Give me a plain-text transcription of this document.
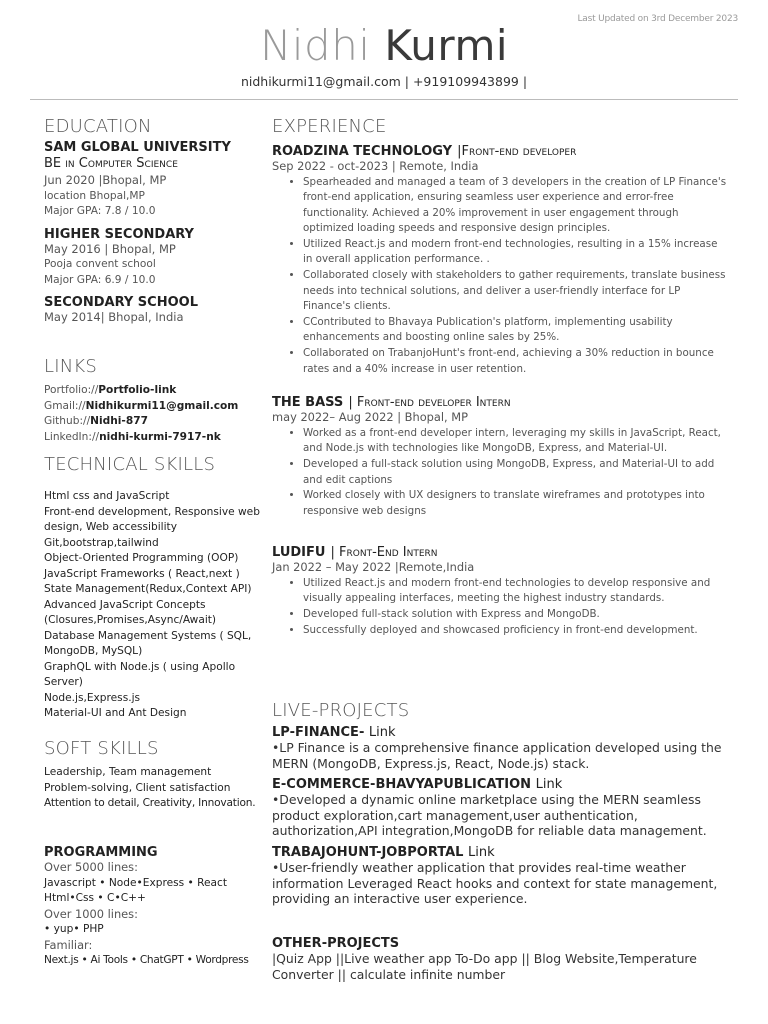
Last Updated on 3rd December 2023
Nidhi Kurmi
nidhikurmi11@gmail.com | +919109943899 |
EDUCATION
SAM GLOBAL UNIVERSITY
BE in Computer Science
Jun 2020 |Bhopal, MP
location Bhopal,MP
Major GPA: 7.8 / 10.0
HIGHER SECONDARY
May 2016 | Bhopal, MP
Pooja convent school
Major GPA: 6.9 / 10.0
SECONDARY SCHOOL
May 2014| Bhopal, India
LINKS
Portfolio://Portfolio-link
Gmail://Nidhikurmi11@gmail.com
Github://Nidhi-877
LinkedIn://nidhi-kurmi-7917-nk
TECHNICAL SKILLS
Html css and JavaScript
Front-end development, Responsive web
design, Web accessibility
Git,bootstrap,tailwind
Object-Oriented Programming (OOP)
JavaScript Frameworks ( React,next )
State Management(Redux,Context API)
Advanced JavaScript Concepts
(Closures,Promises,Async/Await)
Database Management Systems ( SQL,
MongoDB, MySQL)
GraphQL with Node.js ( using Apollo
Server)
Node.js,Express.js
Material-UI and Ant Design
SOFT SKILLS
Leadership, Team management
Problem-solving, Client satisfaction
Attention to detail, Creativity, Innovation.
PROGRAMMING
Over 5000 lines:
Javascript • Node•Express • React
Html•Css • C•C++
Over 1000 lines:
• yup• PHP
Familiar:
Next.js • Ai Tools • ChatGPT • Wordpress
EXPERIENCE
ROADZINA TECHNOLOGY |Front-end developer
Sep 2022 - oct-2023 | Remote, India
• Spearheaded and managed a team of 3 developers in the creation of LP Finance's front-end application, ensuring seamless user experience and error-free functionality. Achieved a 20% improvement in user engagement through optimized loading speeds and responsive design principles.
• Utilized React.js and modern front-end technologies, resulting in a 15% increase in overall application performance. .
• Collaborated closely with stakeholders to gather requirements, translate business needs into technical solutions, and deliver a user-friendly interface for LP Finance's clients.
• CContributed to Bhavaya Publication's platform, implementing usability enhancements and boosting online sales by 25%.
• Collaborated on TrabanjoHunt's front-end, achieving a 30% reduction in bounce rates and a 40% increase in user retention.
THE BASS | Front-end developer Intern
may 2022– Aug 2022 | Bhopal, MP
• Worked as a front-end developer intern, leveraging my skills in JavaScript, React, and Node.js with technologies like MongoDB, Express, and Material-UI.
• Developed a full-stack solution using MongoDB, Express, and Material-UI to add and edit captions
• Worked closely with UX designers to translate wireframes and prototypes into responsive web designs
LUDIFU | Front-End Intern
Jan 2022 – May 2022 |Remote,India
• Utilized React.js and modern front-end technologies to develop responsive and visually appealing interfaces, meeting the highest industry standards.
• Developed full-stack solution with Express and MongoDB.
• Successfully deployed and showcased proficiency in front-end development.
LIVE-PROJECTS
LP-FINANCE- Link
•LP Finance is a comprehensive finance application developed using the MERN (MongoDB, Express.js, React, Node.js) stack.
E-COMMERCE-BHAVYAPUBLICATION Link
•Developed a dynamic online marketplace using the MERN seamless product exploration,cart management,user authentication, authorization,API integration,MongoDB for reliable data management.
TRABAJOHUNT-JOBPORTAL Link
•User-friendly weather application that provides real-time weather information Leveraged React hooks and context for state management, providing an interactive user experience.
OTHER-PROJECTS
|Quiz App ||Live weather app To-Do app || Blog Website,Temperature Converter || calculate infinite number
